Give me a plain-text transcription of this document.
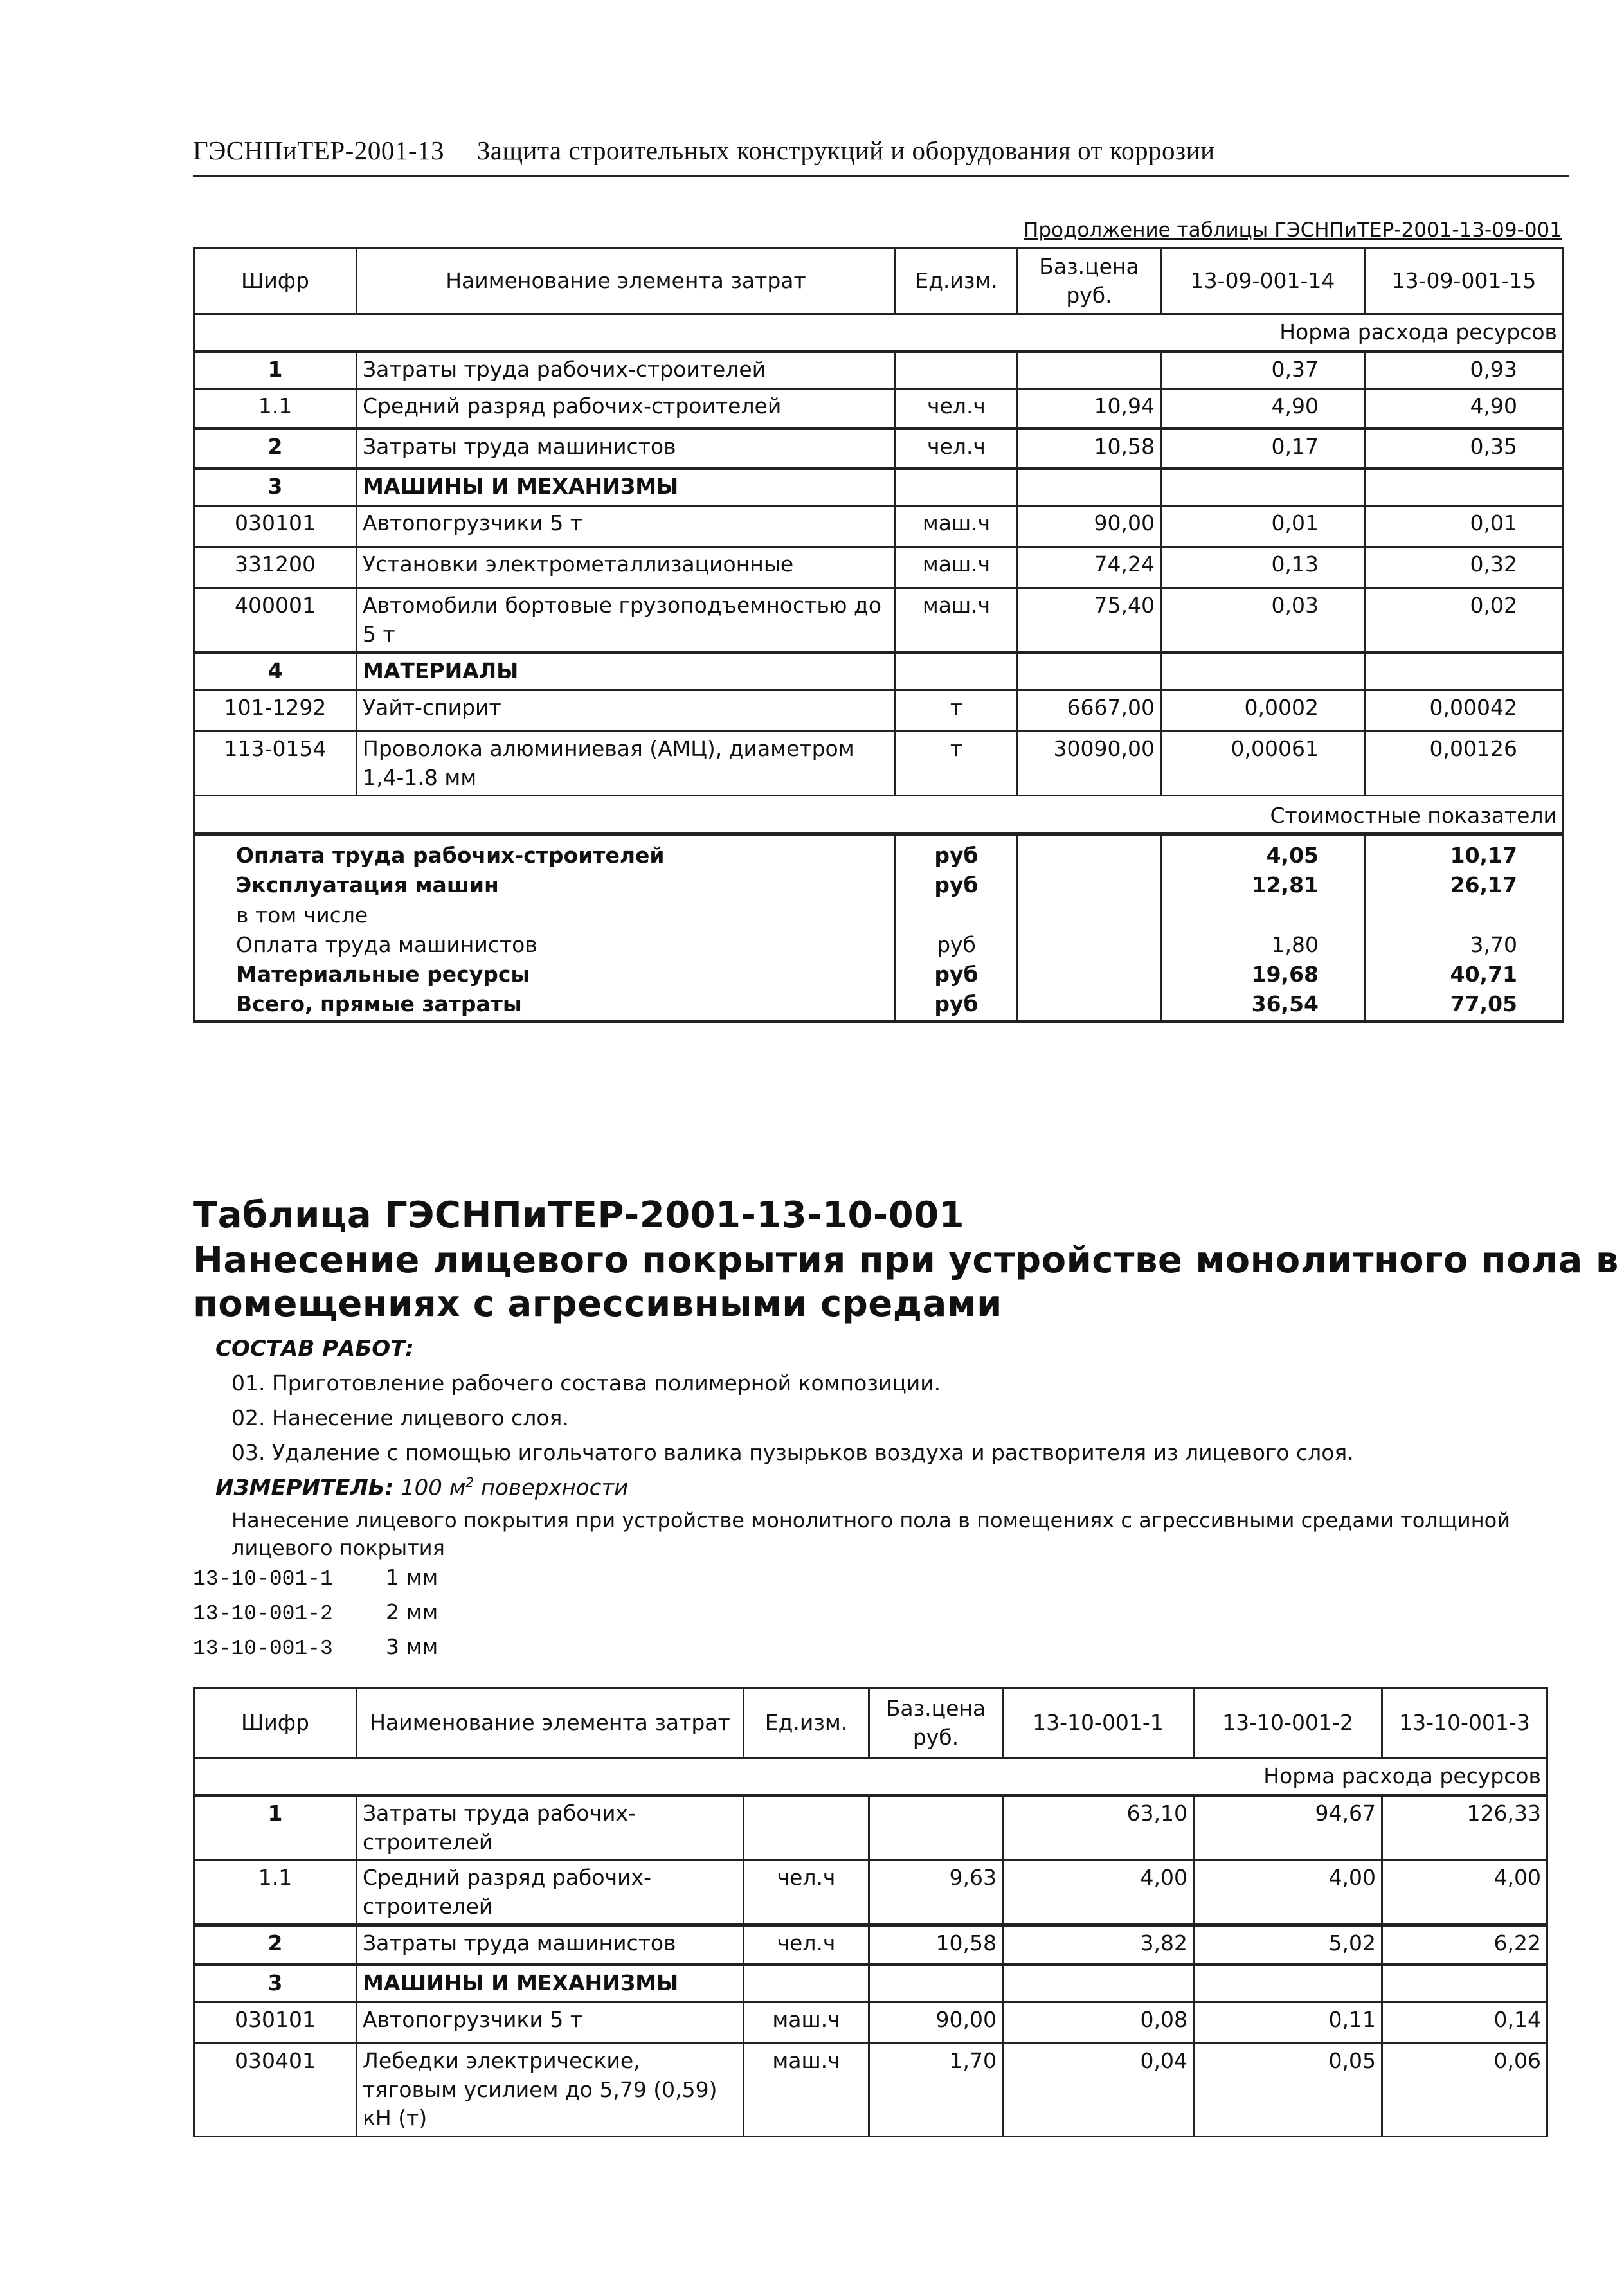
ГЭСНПиТЕР-2001-13 Защита строительных конструкций и оборудования от коррозии
Продолжение таблицы ГЭСНПиТЕР-2001-13-09-001
Шифр	Наименование элемента затрат	Ед.изм.	Баз.цена руб.	13-09-001-14	13-09-001-15
Норма расхода ресурсов					
1	Затраты труда рабочих-строителей			0,37	0,93
1.1	Средний разряд рабочих-строителей	чел.ч	10,94	4,90	4,90
2	Затраты труда машинистов	чел.ч	10,58	0,17	0,35
3	МАШИНЫ И МЕХАНИЗМЫ				
030101	Автопогрузчики 5 т	маш.ч	90,00	0,01	0,01
331200	Установки электрометаллизационные	маш.ч	74,24	0,13	0,32
400001	Автомобили бортовые грузоподъемностью до 5 т	маш.ч	75,40	0,03	0,02
4	МАТЕРИАЛЫ				
101-1292	Уайт-спирит	т	6667,00	0,0002	0,00042
113-0154	Проволока алюминиевая (АМЦ), диаметром 1,4-1.8 мм	т	30090,00	0,00061	0,00126
Стоимостные показатели					
Оплата труда рабочих-строителей		руб		4,05	10,17
Эксплуатация машин		руб		12,81	26,17
в том числе					
Оплата труда машинистов		руб		1,80	3,70
Материальные ресурсы		руб		19,68	40,71
Всего, прямые затраты		руб		36,54	77,05
Таблица ГЭСНПиТЕР-2001-13-10-001
Нанесение лицевого покрытия при устройстве монолитного пола в
помещениях с агрессивными средами
СОСТАВ РАБОТ:
01. Приготовление рабочего состава полимерной композиции.
02. Нанесение лицевого слоя.
03. Удаление с помощью игольчатого валика пузырьков воздуха и растворителя из лицевого слоя.
ИЗМЕРИТЕЛЬ: 100 $м^2$ поверхности
Нанесение лицевого покрытия при устройстве монолитного пола в помещениях с агрессивными средами толщиной лицевого покрытия
13-10-001-1 1 мм
13-10-001-2 2 мм
13-10-001-3 3 мм
Шифр	Наименование элемента затрат	Ед.изм.	Баз.цена руб.	13-10-001-1	13-10-001-2	13-10-001-3
Норма расхода ресурсов						
1	Затраты труда рабочих-строителей			63,10	94,67	126,33
1.1	Средний разряд рабочих-строителей	чел.ч	9,63	4,00	4,00	4,00
2	Затраты труда машинистов	чел.ч	10,58	3,82	5,02	6,22
3	МАШИНЫ И МЕХАНИЗМЫ					
030101	Автопогрузчики 5 т	маш.ч	90,00	0,08	0,11	0,14
030401	Лебедки электрические, тяговым усилием до 5,79 (0,59) кН (т)	маш.ч	1,70	0,04	0,05	0,06
